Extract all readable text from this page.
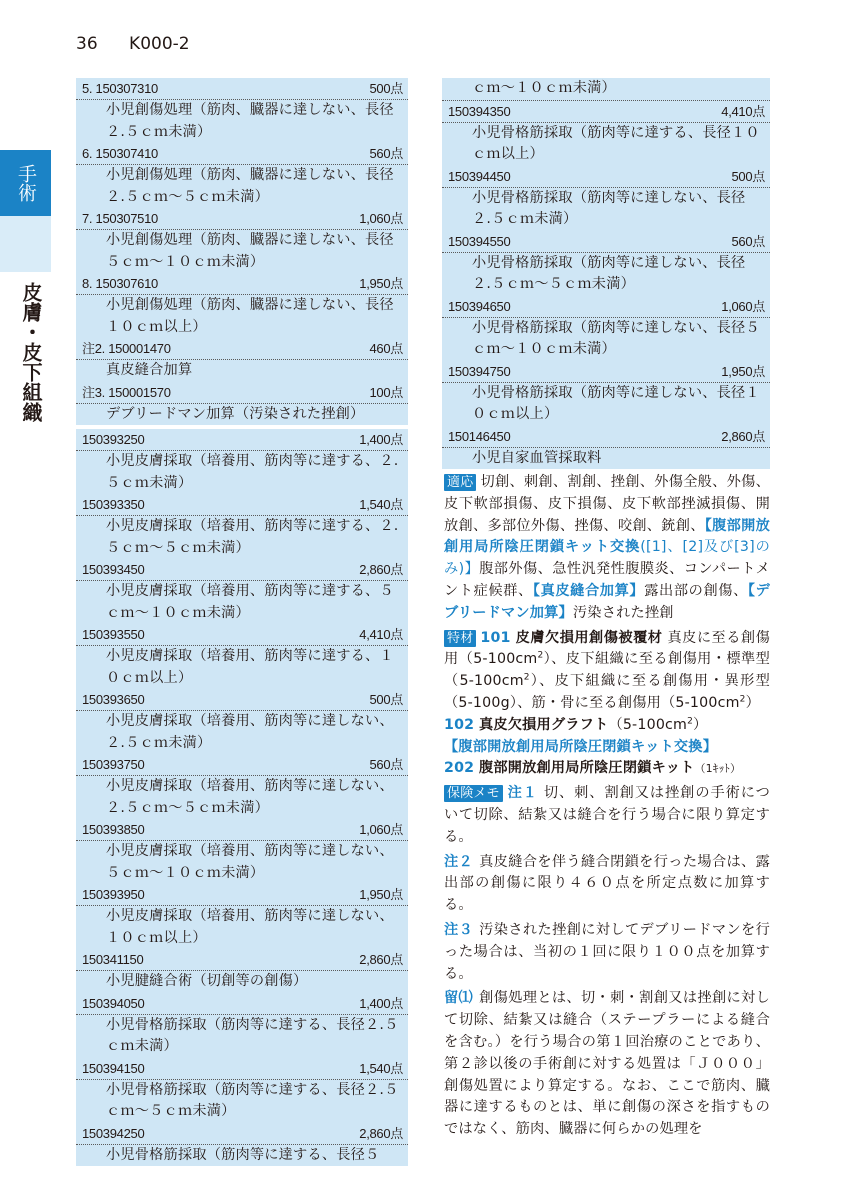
36 K000-2
手術
皮膚・皮下組織
5. 150307310	500点
小児創傷処理（筋肉、臓器に達しない、長径２.５ｃｍ未満）
6. 150307410	560点
小児創傷処理（筋肉、臓器に達しない、長径２.５ｃｍ～５ｃｍ未満）
7. 150307510	1,060点
小児創傷処理（筋肉、臓器に達しない、長径５ｃｍ～１０ｃｍ未満）
8. 150307610	1,950点
小児創傷処理（筋肉、臓器に達しない、長径１０ｃｍ以上）
注2. 150001470	460点
真皮縫合加算
注3. 150001570	100点
デブリードマン加算（汚染された挫創）
150393250	1,400点
小児皮膚採取（培養用、筋肉等に達する、２.５ｃｍ未満）
150393350	1,540点
小児皮膚採取（培養用、筋肉等に達する、２.５ｃｍ～５ｃｍ未満）
150393450	2,860点
小児皮膚採取（培養用、筋肉等に達する、５ｃｍ～１０ｃｍ未満）
150393550	4,410点
小児皮膚採取（培養用、筋肉等に達する、１０ｃｍ以上）
150393650	500点
小児皮膚採取（培養用、筋肉等に達しない、２.５ｃｍ未満）
150393750	560点
小児皮膚採取（培養用、筋肉等に達しない、２.５ｃｍ～５ｃｍ未満）
150393850	1,060点
小児皮膚採取（培養用、筋肉等に達しない、５ｃｍ～１０ｃｍ未満）
150393950	1,950点
小児皮膚採取（培養用、筋肉等に達しない、１０ｃｍ以上）
150341150	2,860点
小児腱縫合術（切創等の創傷）
150394050	1,400点
小児骨格筋採取（筋肉等に達する、長径２.５ｃｍ未満）
150394150	1,540点
小児骨格筋採取（筋肉等に達する、長径２.５ｃｍ～５ｃｍ未満）
150394250	2,860点
小児骨格筋採取（筋肉等に達する、長径５
ｃｍ～１０ｃｍ未満）
150394350	4,410点
小児骨格筋採取（筋肉等に達する、長径１０ｃｍ以上）
150394450	500点
小児骨格筋採取（筋肉等に達しない、長径２.５ｃｍ未満）
150394550	560点
小児骨格筋採取（筋肉等に達しない、長径２.５ｃｍ～５ｃｍ未満）
150394650	1,060点
小児骨格筋採取（筋肉等に達しない、長径５ｃｍ～１０ｃｍ未満）
150394750	1,950点
小児骨格筋採取（筋肉等に達しない、長径１０ｃｍ以上）
150146450	2,860点
小児自家血管採取料
適応 切創、刺創、割創、挫創、外傷全般、外傷、皮下軟部損傷、皮下損傷、皮下軟部挫滅損傷、開放創、多部位外傷、挫傷、咬創、銃創、【腹部開放創用局所陰圧閉鎖キット交換([1]、[2]及び[3]のみ)】腹部外傷、急性汎発性腹膜炎、コンパートメント症候群、【真皮縫合加算】露出部の創傷、【デブリードマン加算】汚染された挫創
特材 101 皮膚欠損用創傷被覆材 真皮に至る創傷用$(5-100cm^2)$、皮下組織に至る創傷用・標準型$(5-100cm^2)$、皮下組織に至る創傷用・異形型（5-100g）、筋・骨に至る創傷用$(5-100cm^2)$
102 真皮欠損用グラフト$(5-100cm^2)$
【腹部開放創用局所陰圧閉鎖キット交換】
202 腹部開放創用局所陰圧閉鎖キット（1ｷｯﾄ）
保険メモ 注１ 切、刺、割創又は挫創の手術について切除、結紮又は縫合を行う場合に限り算定する。
注２ 真皮縫合を伴う縫合閉鎖を行った場合は、露出部の創傷に限り４６０点を所定点数に加算する。
注３ 汚染された挫創に対してデブリードマンを行った場合は、当初の１回に限り１００点を加算する。
留⑴ 創傷処理とは、切・刺・割創又は挫創に対して切除、結紮又は縫合（ステープラーによる縫合を含む。）を行う場合の第１回治療のことであり、第２診以後の手術創に対する処置は「Ｊ０００」創傷処置により算定する。なお、ここで筋肉、臓器に達するものとは、単に創傷の深さを指すものではなく、筋肉、臓器に何らかの処理を
